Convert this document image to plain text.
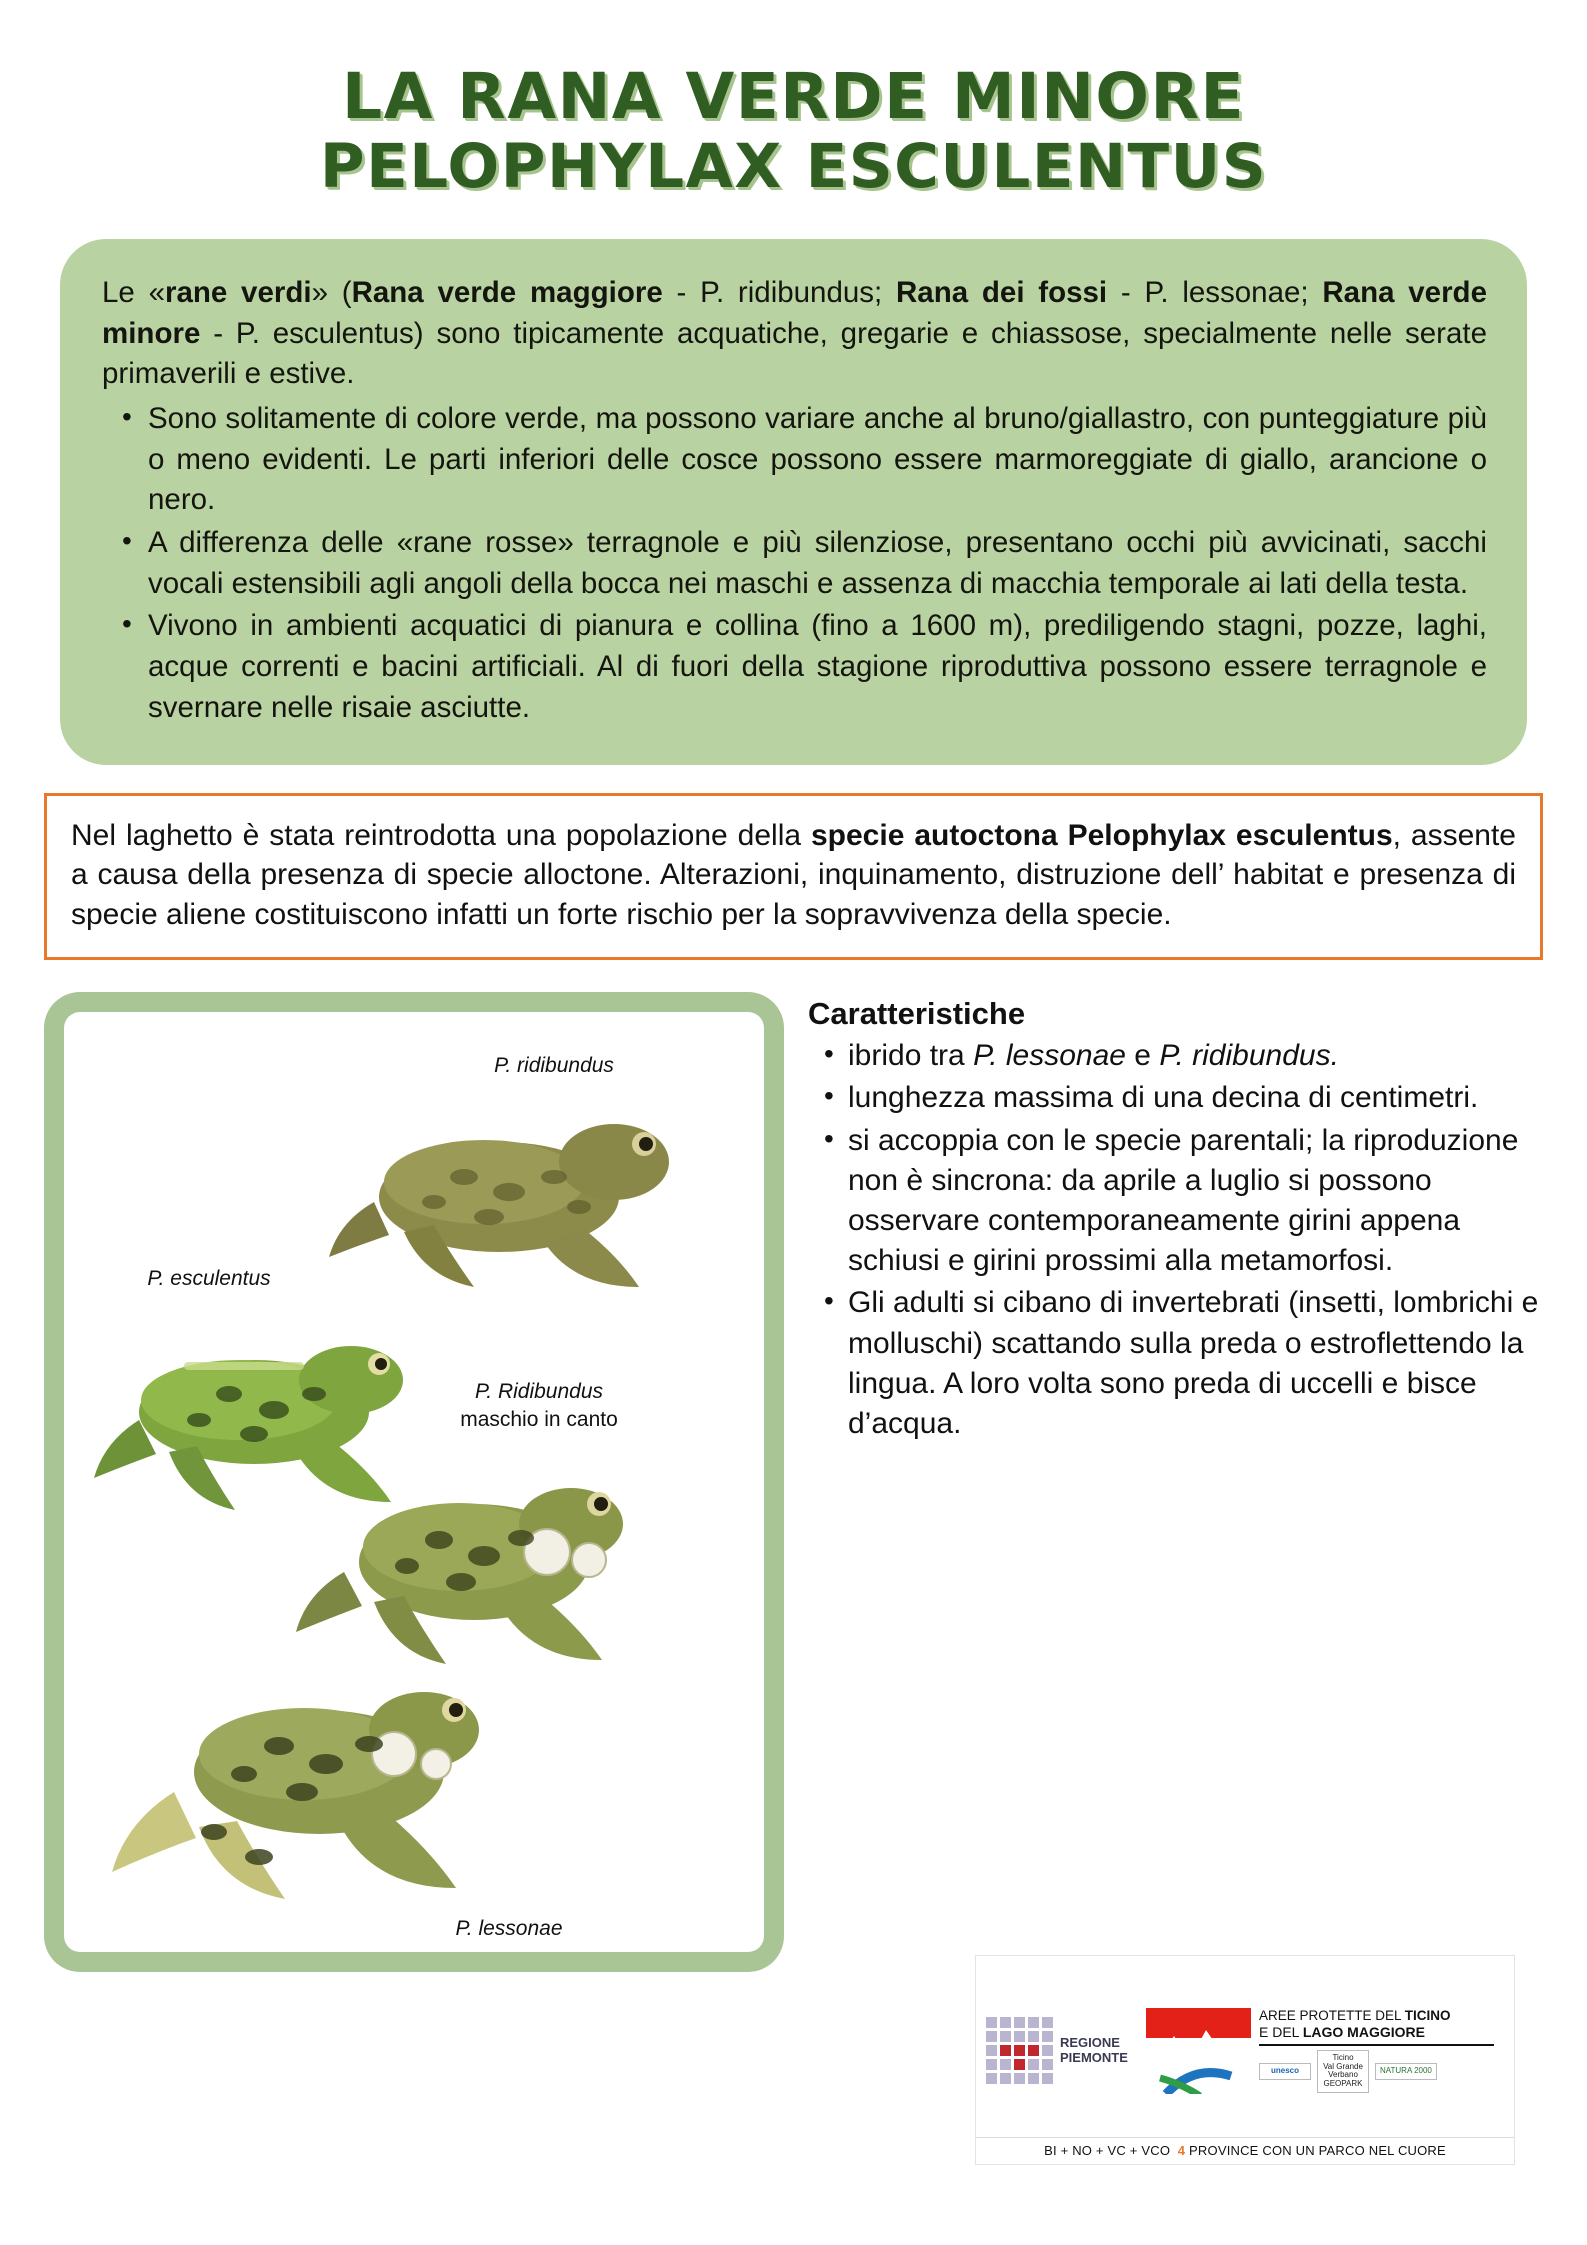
LA RANA VERDE MINORE
PELOPHYLAX ESCULENTUS

Le «rane verdi» (Rana verde maggiore - P. ridibundus; Rana dei fossi - P. lessonae; Rana verde minore - P. esculentus) sono tipicamente acquatiche, gregarie e chiassose, specialmente nelle serate primaverili e estive.

• Sono solitamente di colore verde, ma possono variare anche al bruno/giallastro, con punteggiature più o meno evidenti. Le parti inferiori delle cosce possono essere marmoreggiate di giallo, arancione o nero.
• A differenza delle «rane rosse» terragnole e più silenziose, presentano occhi più avvicinati, sacchi vocali estensibili agli angoli della bocca nei maschi e assenza di macchia temporale ai lati della testa.
• Vivono in ambienti acquatici di pianura e collina (fino a 1600 m), prediligendo stagni, pozze, laghi, acque correnti e bacini artificiali. Al di fuori della stagione riproduttiva possono essere terragnole e svernare nelle risaie asciutte.

Nel laghetto è stata reintrodotta una popolazione della specie autoctona Pelophylax esculentus, assente a causa della presenza di specie alloctone. Alterazioni, inquinamento, distruzione dell’ habitat e presenza di specie aliene costituiscono infatti un forte rischio per la sopravvivenza della specie.

P. ridibundus
P. esculentus
P. Ridibundus
maschio in canto
P. lessonae
Caratteristiche
• ibrido tra P. lessonae e P. ridibundus.
• lunghezza massima di una decina di centimetri.
• si accoppia con le specie parentali; la riproduzione non è sincrona: da aprile a luglio si possono osservare contemporaneamente girini appena schiusi e girini prossimi alla metamorfosi.
• Gli adulti si cibano di invertebrati (insetti, lombrichi e molluschi) scattando sulla preda o estroflettendo la lingua. A loro volta sono preda di uccelli e bisce d’acqua.
REGIONE
PIEMONTE
AREE PROTETTE DEL TICINO
E DEL LAGO MAGGIORE
unesco
Ticino
Val Grande
Verbano
GEOPARK
NATURA 2000
BI + NO + VC + VCO 4 PROVINCE CON UN PARCO NEL CUORE
